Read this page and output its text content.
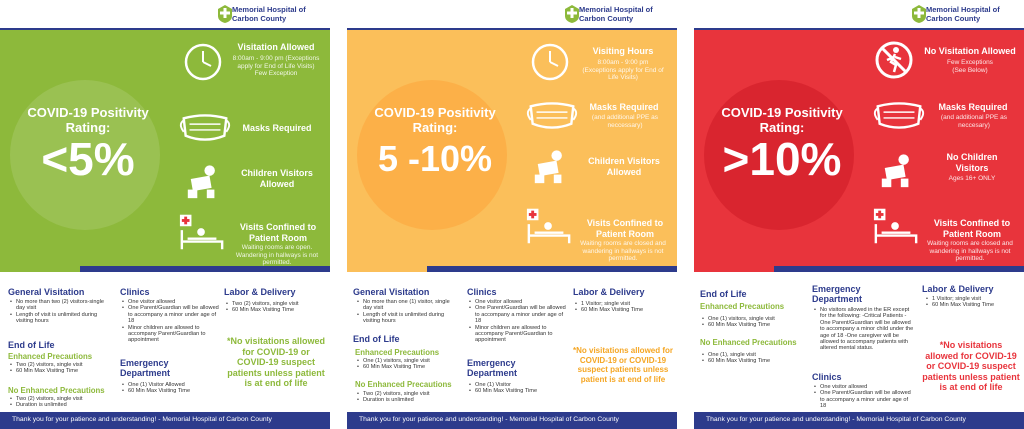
Memorial Hospital of Carbon County
COVID-19 Positivity Rating:
<5%
Visitation Allowed
8:00am - 9:00 pm (Exceptions apply for End of Life Visits) Few Exception
Masks Required
Children Visitors Allowed
Visits Confined to Patient Room
Waiting rooms are open. Wandering in hallways is not permitted.
General Visitation
• No more than two (2) visitors-single day visit
• Length of visit is unlimited during visiting hours
End of Life
Enhanced Precautions
• Two (2) visitors, single visit
• 60 Min Max Visiting Time
No Enhanced Precautions
• Two (2) visitors, single visit
• Duration is unlimited
Clinics
• One visitor allowed
• One Parent/Guardian will be allowed to accompany a minor under age of 18
• Minor children are allowed to accompany Parent/Guardian to appointment
Emergency Department
• One (1) Visitor Allowed
• 60 Min Max Visiting Time
Labor & Delivery
• Two (2) visitors, single visit
• 60 Min Max Visiting Time
*No visitations allowed for COVID-19 or COVID-19 suspect patients unless patient is at end of life
Thank you for your patience and understanding! - Memorial Hospital of Carbon County
Memorial Hospital of Carbon County
COVID-19 Positivity Rating:
5 -10%
Visiting Hours
8:00am - 9:00 pm (Exceptions apply for End of Life Visits)
Masks Required
(and additional PPE as neccessary)
Children Visitors Allowed
Visits Confined to Patient Room
Waiting rooms are closed and wandering in hallways is not permitted.
General Visitation
• No more than one (1) visitor, single day visit
• Length of visit is unlimited during visiting hours
End of Life
Enhanced Precautions
• One (1) visitors, single visit
• 60 Min Max Visiting Time
No Enhanced Precautions
• Two (2) visitors, single visit
• Duration is unlimited
Clinics
• One visitor allowed
• One Parent/Guardian will be allowed to accompany a minor under age of 18
• Minor children are allowed to accompany Parent/Guardian to appointment
Emergency Department
• One (1) Visitor
• 60 Min Max Visiting Time
Labor & Delivery
• 1 Visitor; single visit
• 60 Min Max Visiting Time
*No visitations allowed for COVID-19 or COVID-19 suspect patients unless patient is at end of life
Thank you for your patience and understanding! - Memorial Hospital of Carbon County
Memorial Hospital of Carbon County
COVID-19 Positivity Rating:
>10%
No Visitation Allowed
Few Exceptions (See Below)
Masks Required
(and additional PPE as neccesary)
No Children Visitors
Ages 16+ ONLY
Visits Confined to Patient Room
Waiting rooms are closed and wandering in hallways is not permitted.
End of Life
Enhanced Precautions
• One (1) visitors, single visit
• 60 Min Max Visiting Time
No Enhanced Precautions
• One (1), single visit
• 60 Min Max Visiting Time
Emergency Department
• No visitors allowed in the ER except for the following: -Critical Patients -One Parent/Guardian will be allowed to accompany a minor child under the age of 18 -One caregiver will be allowed to accompany patients with altered mental status.
Clinics
• One visitor allowed
• One Parent/Guardian will be allowed to accompany a minor under age of 18
Labor & Delivery
• 1 Visitor; single visit
• 60 Min Max Visiting Time
*No visitations allowed for COVID-19 or COVID-19 suspect patients unless patient is at end of life
Thank you for your patience and understanding! - Memorial Hospital of Carbon County
